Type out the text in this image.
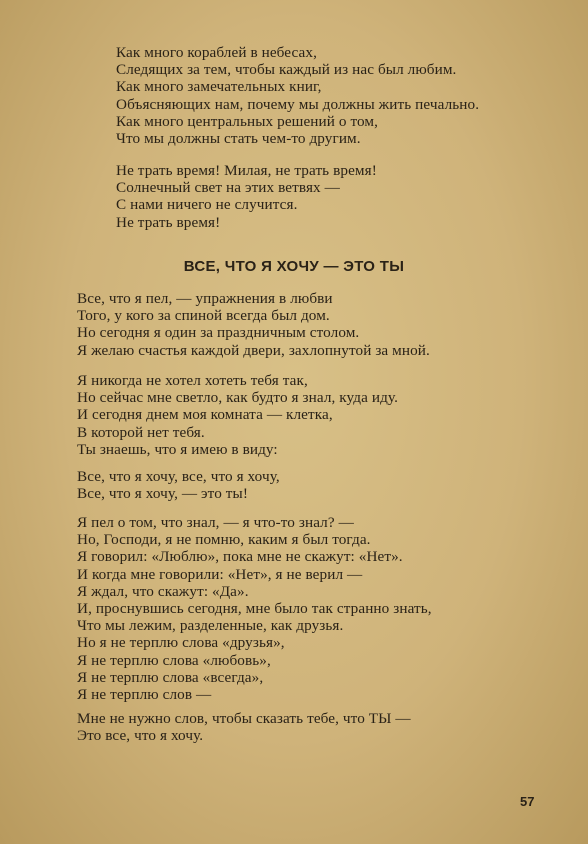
Как много кораблей в небесах,
Следящих за тем, чтобы каждый из нас был любим.
Как много замечательных книг,
Объясняющих нам, почему мы должны жить печально.
Как много центральных решений о том,
Что мы должны стать чем-то другим.
Не трать время! Милая, не трать время!
Солнечный свет на этих ветвях —
С нами ничего не случится.
Не трать время!
ВСЕ, ЧТО Я ХОЧУ — ЭТО ТЫ
Все, что я пел, — упражнения в любви
Того, у кого за спиной всегда был дом.
Но сегодня я один за праздничным столом.
Я желаю счастья каждой двери, захлопнутой за мной.
Я никогда не хотел хотеть тебя так,
Но сейчас мне светло, как будто я знал, куда иду.
И сегодня днем моя комната — клетка,
В которой нет тебя.
Ты знаешь, что я имею в виду:
Все, что я хочу, все, что я хочу,
Все, что я хочу, — это ты!
Я пел о том, что знал, — я что-то знал? —
Но, Господи, я не помню, каким я был тогда.
Я говорил: «Люблю», пока мне не скажут: «Нет».
И когда мне говорили: «Нет», я не верил —
Я ждал, что скажут: «Да».
И, проснувшись сегодня, мне было так странно знать,
Что мы лежим, разделенные, как друзья.
Но я не терплю слова «друзья»,
Я не терплю слова «любовь»,
Я не терплю слова «всегда»,
Я не терплю слов —
Мне не нужно слов, чтобы сказать тебе, что ТЫ —
Это все, что я хочу.
57
